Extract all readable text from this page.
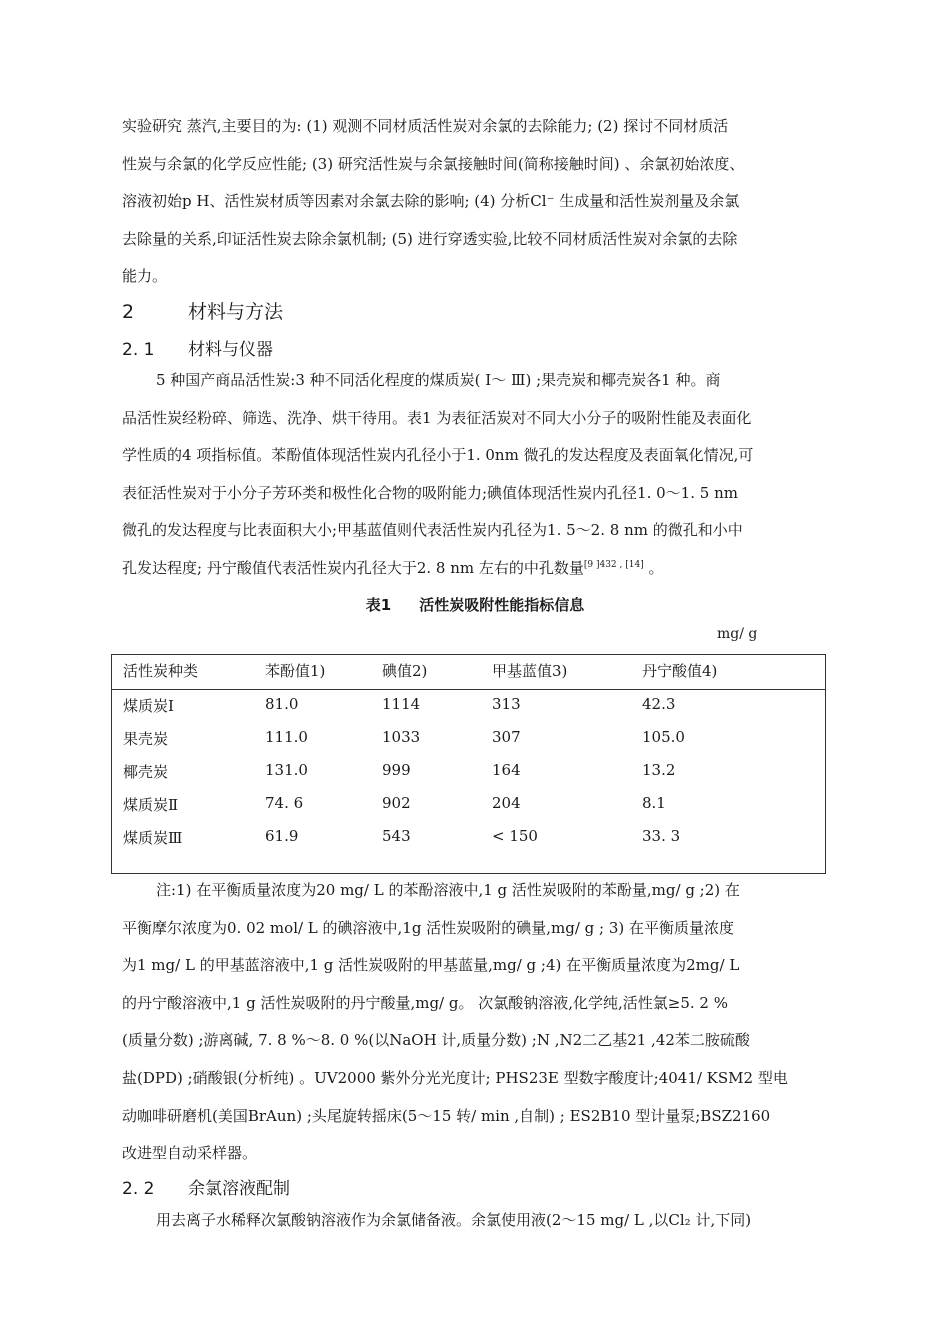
实验研究 蒸汽,主要目的为: (1) 观测不同材质活性炭对余氯的去除能力; (2) 探讨不同材质活
性炭与余氯的化学反应性能; (3) 研究活性炭与余氯接触时间(简称接触时间) 、余氯初始浓度、
溶液初始p H、活性炭材质等因素对余氯去除的影响; (4) 分析Cl⁻ 生成量和活性炭剂量及余氯
去除量的关系,印证活性炭去除余氯机制; (5) 进行穿透实验,比较不同材质活性炭对余氯的去除
能力。

2	材料与方法
2. 1 材料与仪器

5 种国产商品活性炭:3 种不同活化程度的煤质炭( Ⅰ～ Ⅲ) ;果壳炭和椰壳炭各1 种。商
品活性炭经粉碎、筛选、洗净、烘干待用。表1 为表征活炭对不同大小分子的吸附性能及表面化
学性质的4 项指标值。苯酚值体现活性炭内孔径小于1. 0nm 微孔的发达程度及表面氧化情况,可
表征活性炭对于小分子芳环类和极性化合物的吸附能力;碘值体现活性炭内孔径1. 0～1. 5 nm
微孔的发达程度与比表面积大小;甲基蓝值则代表活性炭内孔径为1. 5～2. 8 nm 的微孔和小中
孔发达程度; 丹宁酸值代表活性炭内孔径大于2. 8 nm 左右的中孔数量[9 ]432 , [14] 。

表1 活性炭吸附性能指标信息
mg/ g
活性炭种类	苯酚值1)	碘值2)	甲基蓝值3)	丹宁酸值4)
煤质炭Ⅰ	81.0	1114	313	42.3
果壳炭	111.0	1033	307	105.0
椰壳炭	131.0	999	164	13.2
煤质炭Ⅱ	74. 6	902	204	8.1
煤质炭Ⅲ	61.9	543	< 150	33. 3

注:1) 在平衡质量浓度为20 mg/ L 的苯酚溶液中,1 g 活性炭吸附的苯酚量,mg/ g ;2) 在
平衡摩尔浓度为0. 02 mol/ L 的碘溶液中,1g 活性炭吸附的碘量,mg/ g ; 3) 在平衡质量浓度
为1 mg/ L 的甲基蓝溶液中,1 g 活性炭吸附的甲基蓝量,mg/ g ;4) 在平衡质量浓度为2mg/ L
的丹宁酸溶液中,1 g 活性炭吸附的丹宁酸量,mg/ g。 次氯酸钠溶液,化学纯,活性氯≥5. 2 %
(质量分数) ;游离碱, 7. 8 %～8. 0 %(以NaOH 计,质量分数) ;N ,N2二乙基21 ,42苯二胺硫酸
盐(DPD) ;硝酸银(分析纯) 。UV2000 紫外分光光度计; PHS23E 型数字酸度计;4041/ KSM2 型电
动咖啡研磨机(美国BrAun) ;头尾旋转摇床(5～15 转/ min ,自制) ; ES2B10 型计量泵;BSZ2160
改进型自动采样器。

2. 2 余氯溶液配制

用去离子水稀释次氯酸钠溶液作为余氯储备液。余氯使用液(2～15 mg/ L ,以Cl₂ 计,下同)
